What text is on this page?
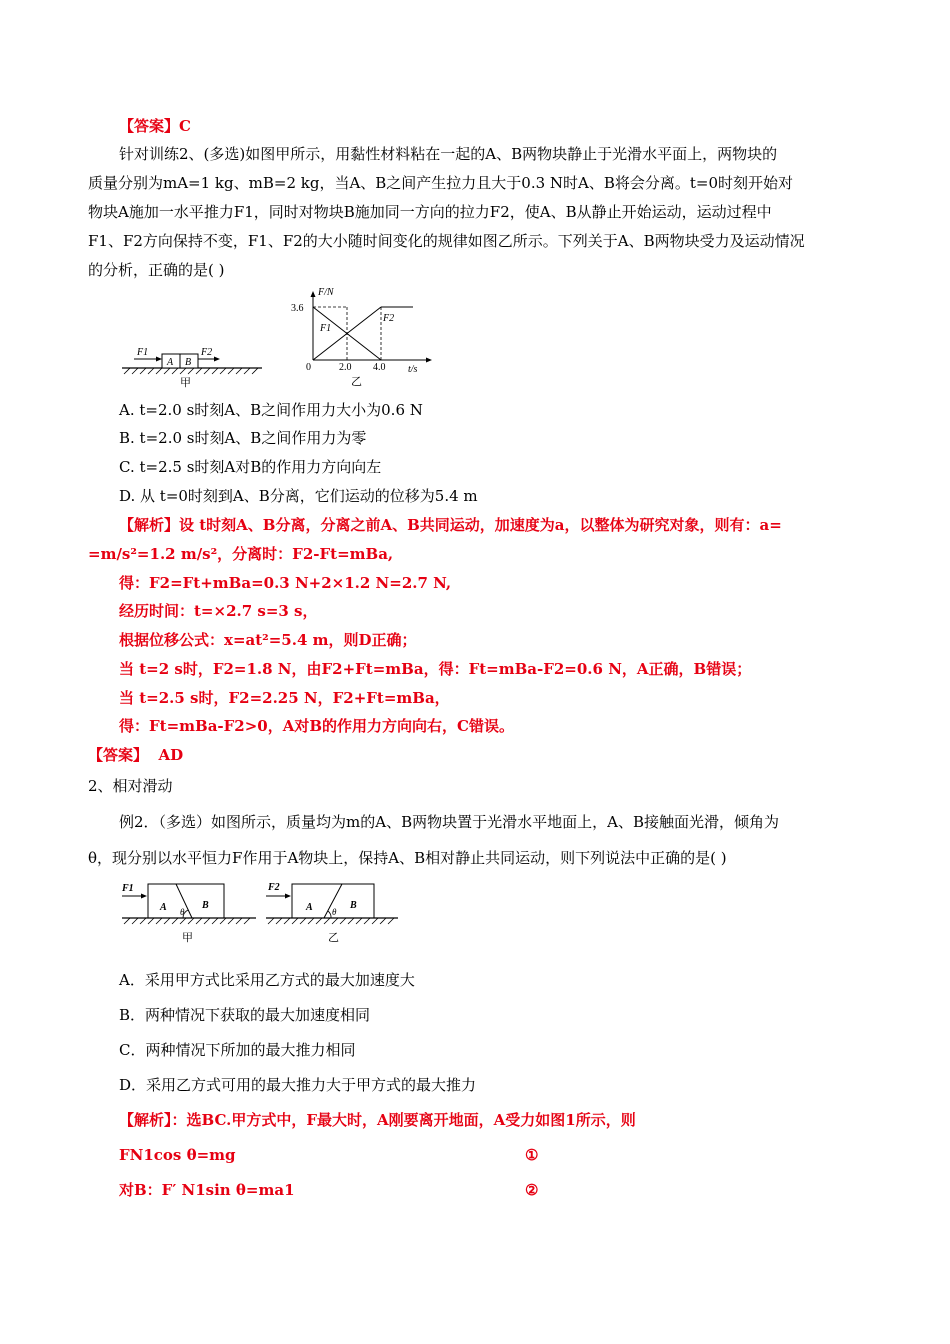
【答案】C
针对训练2、(多选)如图甲所示，用黏性材料粘在一起的A、B两物块静止于光滑水平面上，两物块的
质量分别为mA=1 kg、mB=2 kg，当A、B之间产生拉力且大于0.3 N时A、B将会分离。t=0时刻开始对
物块A施加一水平推力F1，同时对物块B施加同一方向的拉力F2，使A、B从静止开始运动，运动过程中
F1、F2方向保持不变，F1、F2的大小随时间变化的规律如图乙所示。下列关于A、B两物块受力及运动情况
的分析，正确的是( )
A B
F1	F2
甲
F/N
3.6
0	2.0 4.0 t/s
F1
F2
乙
A. t=2.0 s时刻A、B之间作用力大小为0.6 N
B. t=2.0 s时刻A、B之间作用力为零
C. t=2.5 s时刻A对B的作用力方向向左
D. 从 t=0时刻到A、B分离，它们运动的位移为5.4 m
【解析】设 t时刻A、B分离，分离之前A、B共同运动，加速度为a，以整体为研究对象，则有：a=
=m/s²=1.2 m/s²，分离时：F2-Ft=mBa,
得：F2=Ft+mBa=0.3 N+2×1.2 N=2.7 N,
经历时间：t=×2.7 s=3 s，
根据位移公式：x=at²=5.4 m，则D正确；
当 t=2 s时，F2=1.8 N，由F2+Ft=mBa，得：Ft=mBa-F2=0.6 N，A正确，B错误；
当 t=2.5 s时，F2=2.25 N，F2+Ft=mBa，
得：Ft=mBa-F2>0，A对B的作用力方向向右，C错误。
【答案】 AD
2、相对滑动
例2．（多选）如图所示，质量均为m的A、B两物块置于光滑水平地面上，A、B接触面光滑，倾角为
θ，现分别以水平恒力F作用于A物块上，保持A、B相对静止共同运动，则下列说法中正确的是( )
A	B
θ
F1
甲
A	B
θ
F2
乙
A．采用甲方式比采用乙方式的最大加速度大
B．两种情况下获取的最大加速度相同
C．两种情况下所加的最大推力相同
D．采用乙方式可用的最大推力大于甲方式的最大推力
【解析】：选BC.甲方式中，F最大时，A刚要离开地面，A受力如图1所示，则
FN1cos θ=mg	①
对B：F′ N1sin θ=ma1	②
